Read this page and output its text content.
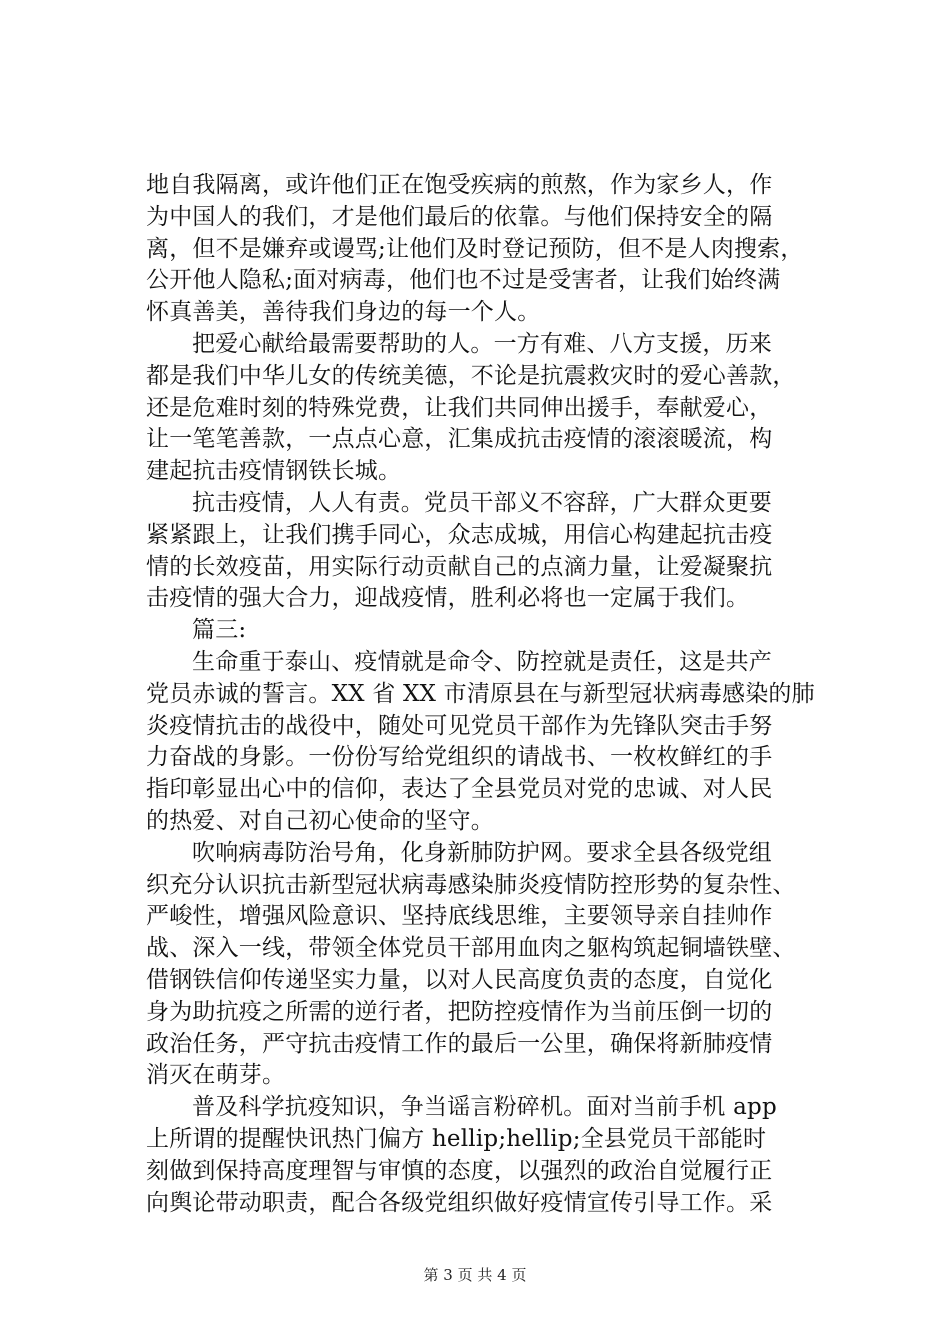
地自我隔离，或许他们正在饱受疾病的煎熬，作为家乡人，作
为中国人的我们，才是他们最后的依靠。与他们保持安全的隔
离，但不是嫌弃或谩骂;让他们及时登记预防，但不是人肉搜索，
公开他人隐私;面对病毒，他们也不过是受害者，让我们始终满
怀真善美，善待我们身边的每一个人。
把爱心献给最需要帮助的人。一方有难、八方支援，历来
都是我们中华儿女的传统美德，不论是抗震救灾时的爱心善款，
还是危难时刻的特殊党费，让我们共同伸出援手，奉献爱心，
让一笔笔善款，一点点心意，汇集成抗击疫情的滚滚暖流，构
建起抗击疫情钢铁长城。
抗击疫情，人人有责。党员干部义不容辞，广大群众更要
紧紧跟上，让我们携手同心，众志成城，用信心构建起抗击疫
情的长效疫苗，用实际行动贡献自己的点滴力量，让爱凝聚抗
击疫情的强大合力，迎战疫情，胜利必将也一定属于我们。
篇三:
生命重于泰山、疫情就是命令、防控就是责任，这是共产
党员赤诚的誓言。XX 省 XX 市清原县在与新型冠状病毒感染的肺
炎疫情抗击的战役中，随处可见党员干部作为先锋队突击手努
力奋战的身影。一份份写给党组织的请战书、一枚枚鲜红的手
指印彰显出心中的信仰，表达了全县党员对党的忠诚、对人民
的热爱、对自己初心使命的坚守。
吹响病毒防治号角，化身新肺防护网。要求全县各级党组
织充分认识抗击新型冠状病毒感染肺炎疫情防控形势的复杂性、
严峻性，增强风险意识、坚持底线思维，主要领导亲自挂帅作
战、深入一线，带领全体党员干部用血肉之躯构筑起铜墙铁壁、
借钢铁信仰传递坚实力量，以对人民高度负责的态度，自觉化
身为助抗疫之所需的逆行者，把防控疫情作为当前压倒一切的
政治任务，严守抗击疫情工作的最后一公里，确保将新肺疫情
消灭在萌芽。
普及科学抗疫知识，争当谣言粉碎机。面对当前手机 app
上所谓的提醒快讯热门偏方 hellip;hellip;全县党员干部能时
刻做到保持高度理智与审慎的态度，以强烈的政治自觉履行正
向舆论带动职责，配合各级党组织做好疫情宣传引导工作。采
第 3 页 共 4 页
